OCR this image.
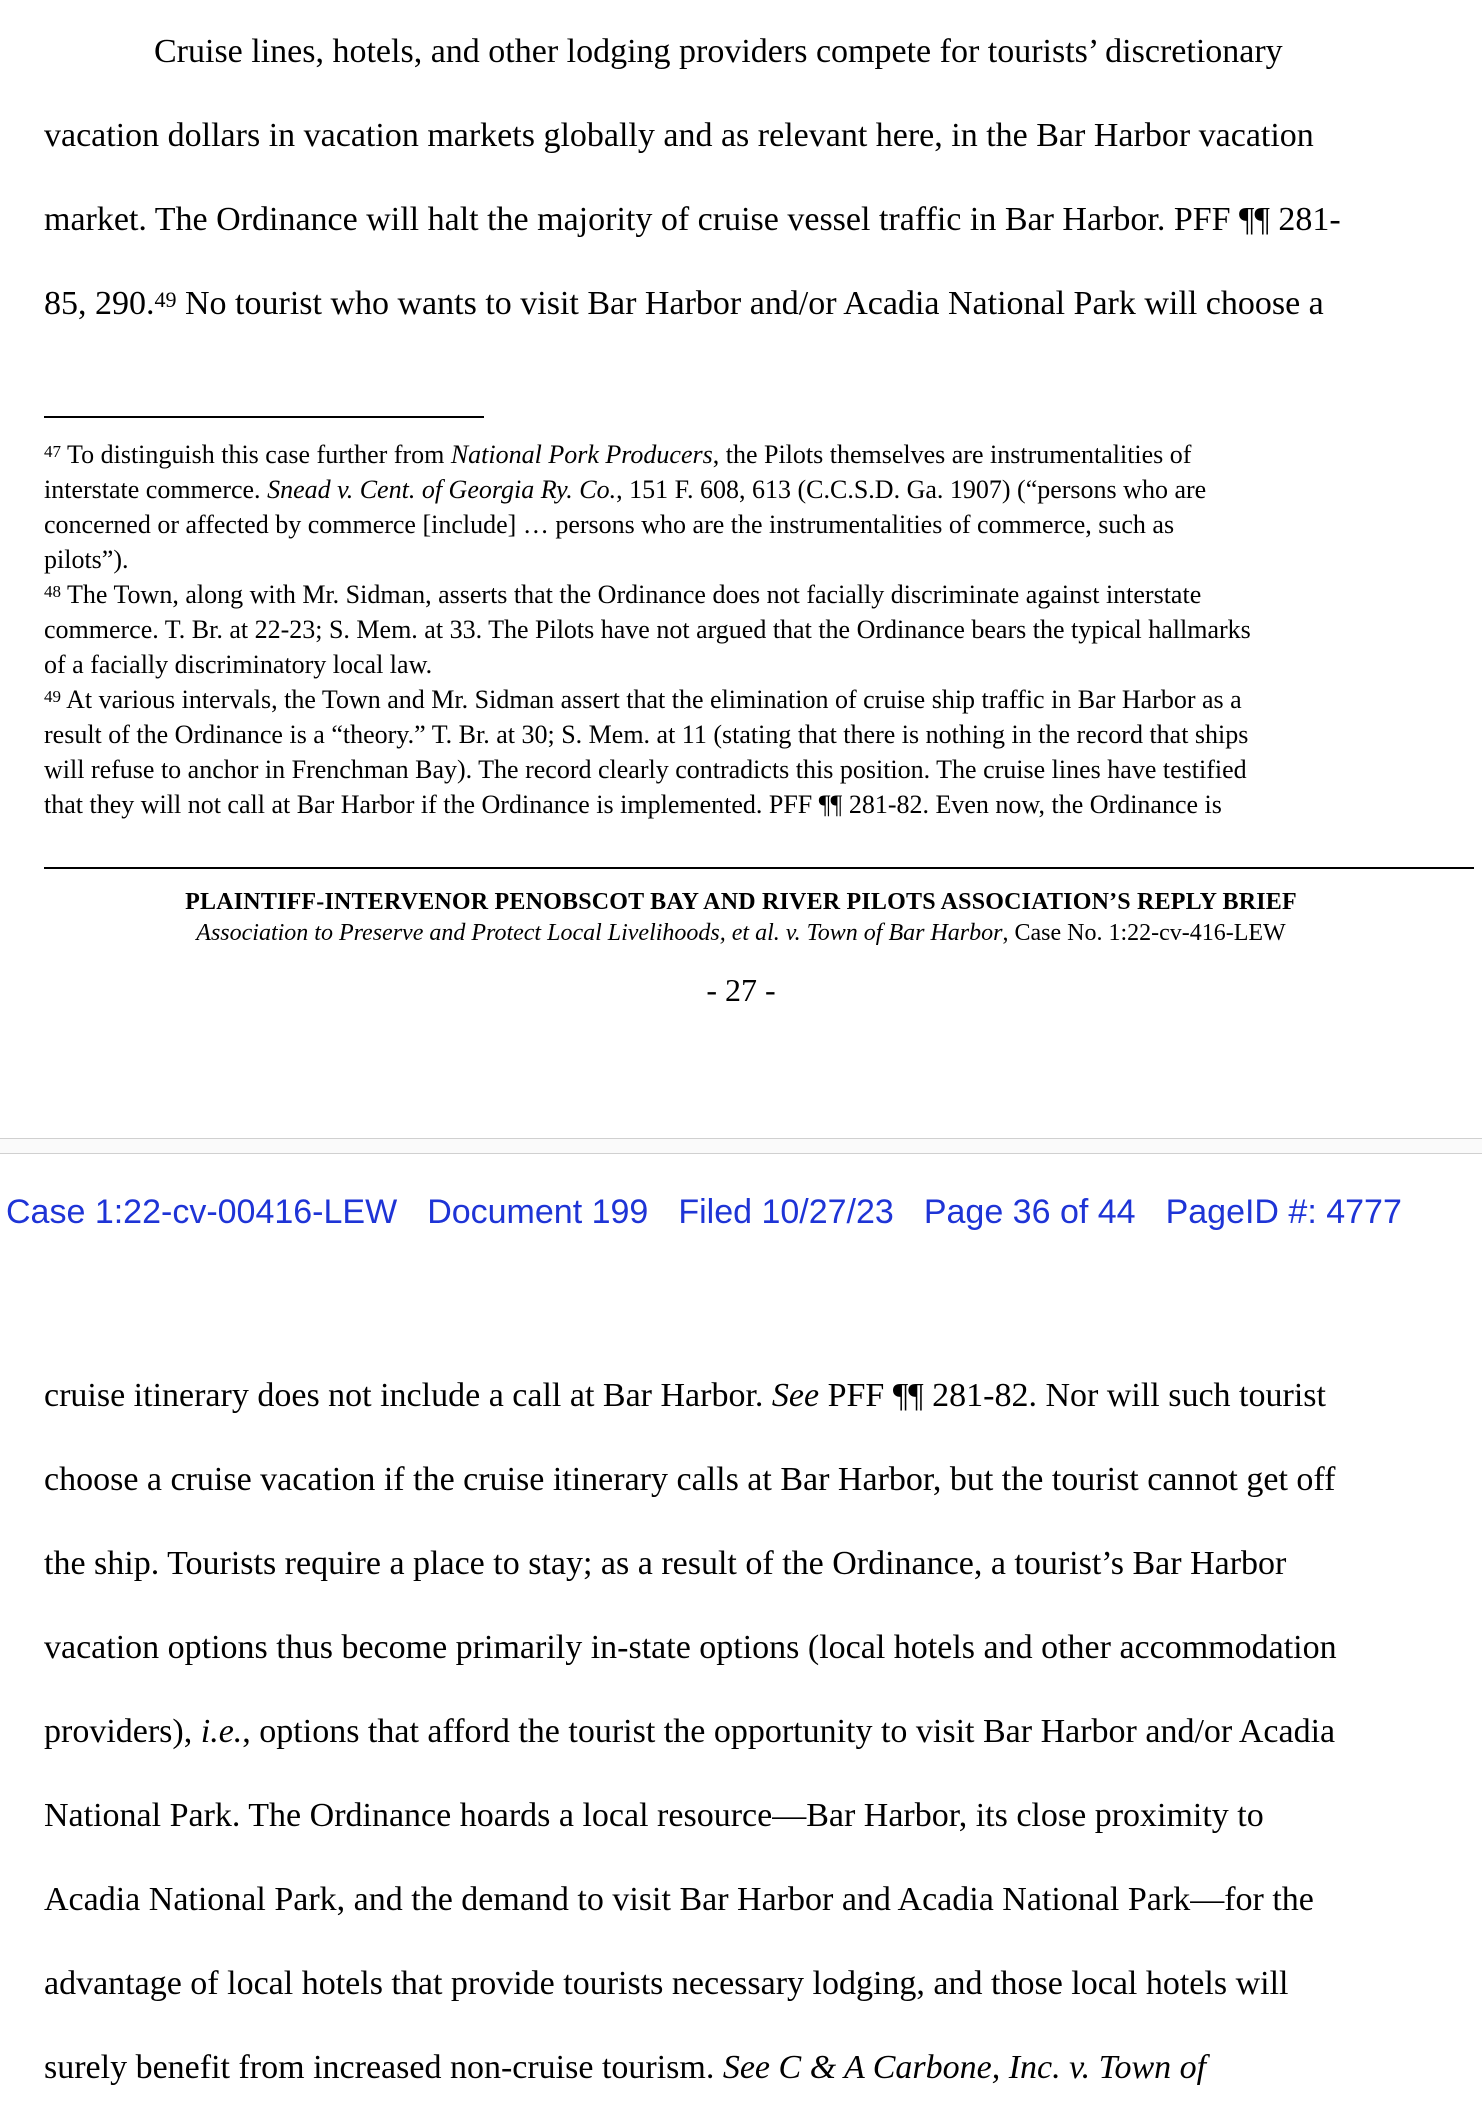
Cruise lines, hotels, and other lodging providers compete for tourists’ discretionary
vacation dollars in vacation markets globally and as relevant here, in the Bar Harbor vacation
market. The Ordinance will halt the majority of cruise vessel traffic in Bar Harbor. PFF ¶¶ 281-
85, 290.49 No tourist who wants to visit Bar Harbor and/or Acadia National Park will choose a
$^{47}$ To distinguish this case further from National Pork Producers, the Pilots themselves are instrumentalities of
interstate commerce. Snead v. Cent. of Georgia Ry. Co., 151 F. 608, 613 (C.C.S.D. Ga. 1907) (“persons who are
concerned or affected by commerce [include] … persons who are the instrumentalities of commerce, such as
pilots”).
$^{48}$ The Town, along with Mr. Sidman, asserts that the Ordinance does not facially discriminate against interstate
commerce. T. Br. at 22-23; S. Mem. at 33. The Pilots have not argued that the Ordinance bears the typical hallmarks
of a facially discriminatory local law.
$^{49}$ At various intervals, the Town and Mr. Sidman assert that the elimination of cruise ship traffic in Bar Harbor as a
result of the Ordinance is a “theory.” T. Br. at 30; S. Mem. at 11 (stating that there is nothing in the record that ships
will refuse to anchor in Frenchman Bay). The record clearly contradicts this position. The cruise lines have testified
that they will not call at Bar Harbor if the Ordinance is implemented. PFF ¶¶ 281-82. Even now, the Ordinance is
PLAINTIFF-INTERVENOR PENOBSCOT BAY AND RIVER PILOTS ASSOCIATION’S REPLY BRIEF
Association to Preserve and Protect Local Livelihoods, et al. v. Town of Bar Harbor, Case No. 1:22-cv-416-LEW
- 27 -
Case 1:22-cv-00416-LEW Document 199 Filed 10/27/23 Page 36 of 44 PageID #: 4777
cruise itinerary does not include a call at Bar Harbor. See PFF ¶¶ 281-82. Nor will such tourist
choose a cruise vacation if the cruise itinerary calls at Bar Harbor, but the tourist cannot get off
the ship. Tourists require a place to stay; as a result of the Ordinance, a tourist’s Bar Harbor
vacation options thus become primarily in-state options (local hotels and other accommodation
providers), i.e., options that afford the tourist the opportunity to visit Bar Harbor and/or Acadia
National Park. The Ordinance hoards a local resource—Bar Harbor, its close proximity to
Acadia National Park, and the demand to visit Bar Harbor and Acadia National Park—for the
advantage of local hotels that provide tourists necessary lodging, and those local hotels will
surely benefit from increased non-cruise tourism. See C & A Carbone, Inc. v. Town of
